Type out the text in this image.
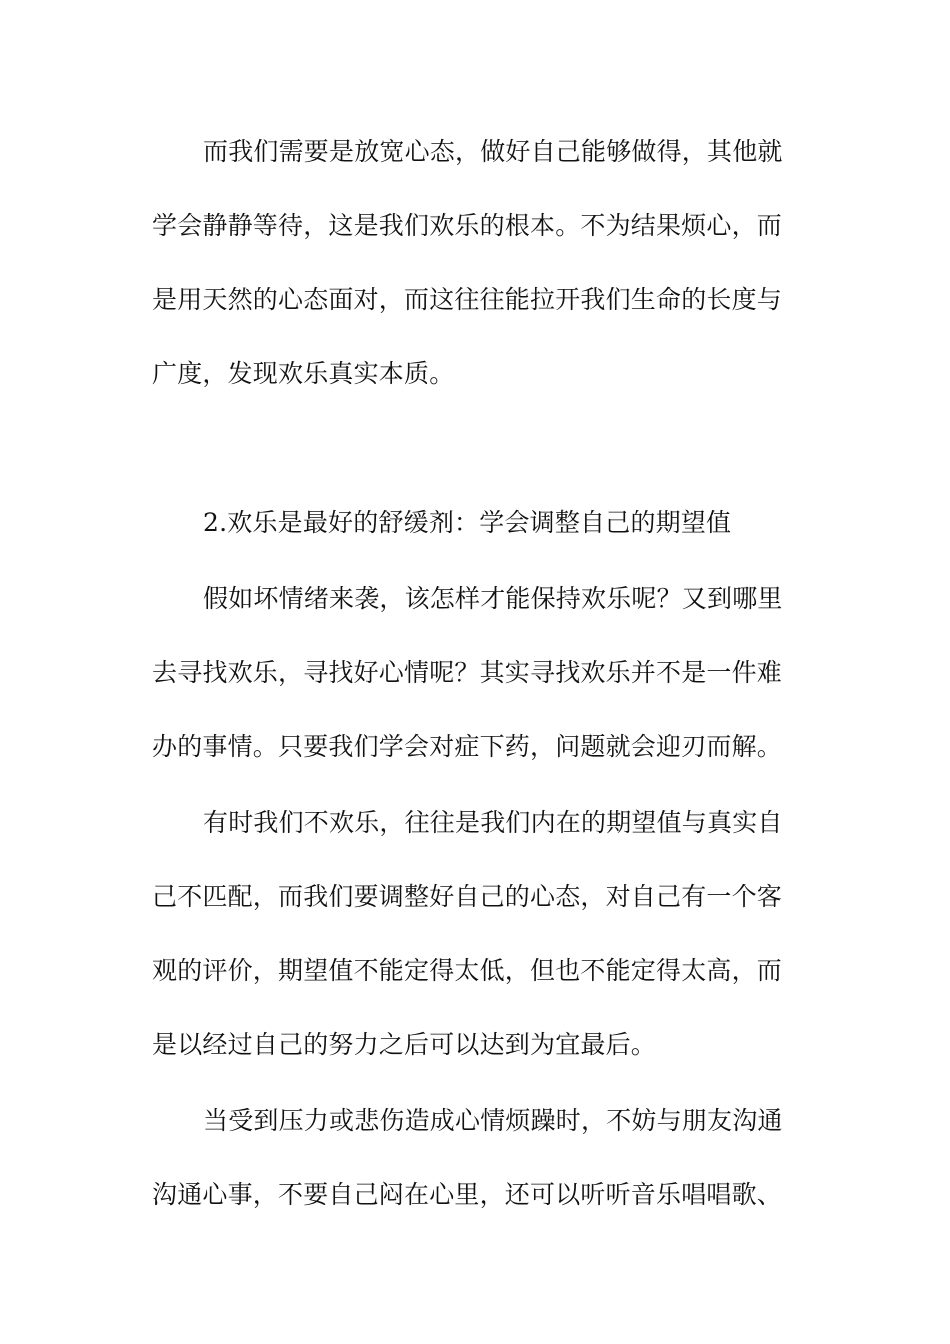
而我们需要是放宽心态，做好自己能够做得，其他就
学会静静等待，这是我们欢乐的根本。不为结果烦心，而
是用天然的心态面对，而这往往能拉开我们生命的长度与
广度，发现欢乐真实本质。
2.欢乐是最好的舒缓剂：学会调整自己的期望值
假如坏情绪来袭，该怎样才能保持欢乐呢？又到哪里
去寻找欢乐，寻找好心情呢？其实寻找欢乐并不是一件难
办的事情。只要我们学会对症下药，问题就会迎刃而解。
有时我们不欢乐，往往是我们内在的期望值与真实自
己不匹配，而我们要调整好自己的心态，对自己有一个客
观的评价，期望值不能定得太低，但也不能定得太高，而
是以经过自己的努力之后可以达到为宜最后。
当受到压力或悲伤造成心情烦躁时，不妨与朋友沟通
沟通心事，不要自己闷在心里，还可以听听音乐唱唱歌、
